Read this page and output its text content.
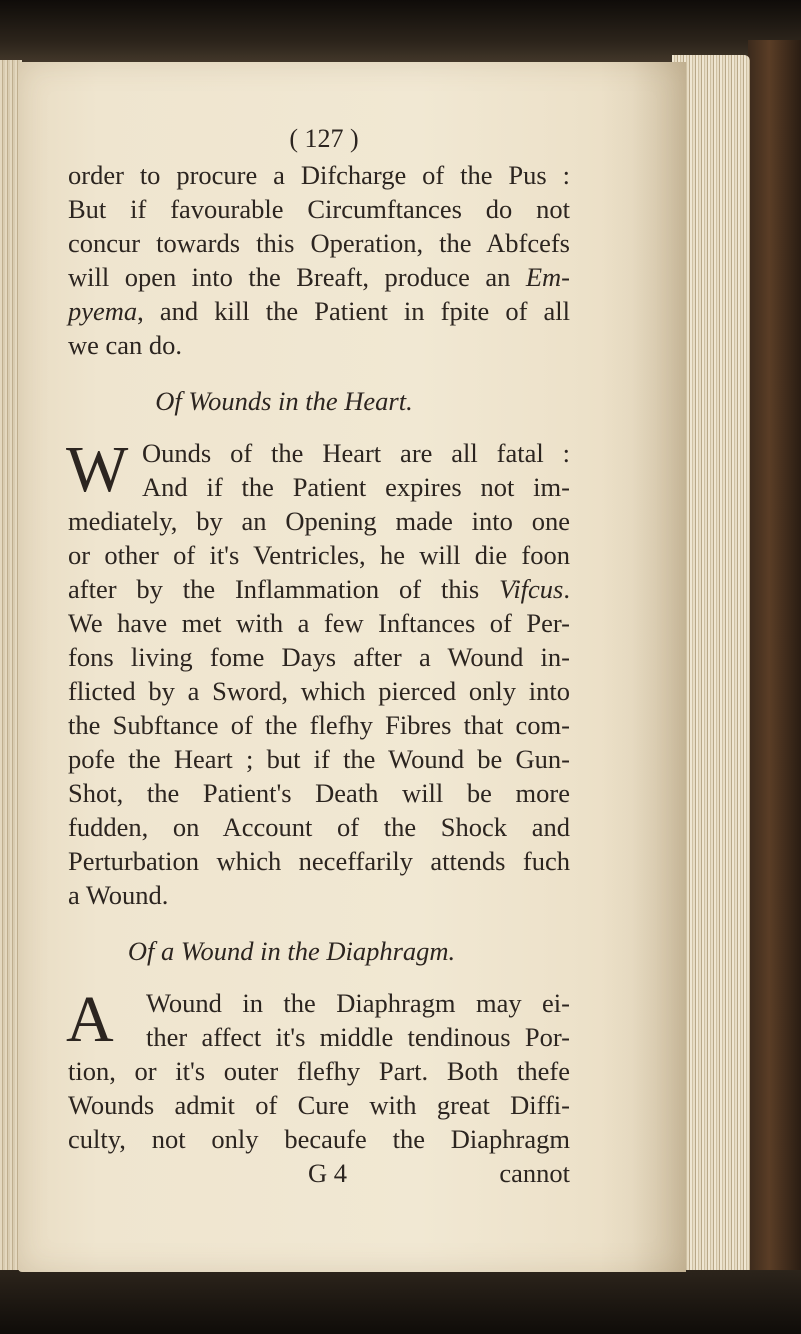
( 127 )
order to procure a Difcharge of the Pus :
But if favourable Circumftances do not
concur towards this Operation, the Abfcefs
will open into the Breaft, produce an Em-
pyema, and kill the Patient in fpite of all
we can do.
Of Wounds in the Heart.
W Ounds of the Heart are all fatal :
And if the Patient expires not im-
mediately, by an Opening made into one
or other of it's Ventricles, he will die foon
after by the Inflammation of this Vifcus.
We have met with a few Inftances of Per-
fons living fome Days after a Wound in-
flicted by a Sword, which pierced only into
the Subftance of the flefhy Fibres that com-
pofe the Heart ; but if the Wound be Gun-
Shot, the Patient's Death will be more
fudden, on Account of the Shock and
Perturbation which neceffarily attends fuch
a Wound.
Of a Wound in the Diaphragm.
A	Wound in the Diaphragm may ei-
ther affect it's middle tendinous Por-
tion, or it's outer flefhy Part. Both thefe
Wounds admit of Cure with great Diffi-
culty, not only becaufe the Diaphragm
G 4	cannot
